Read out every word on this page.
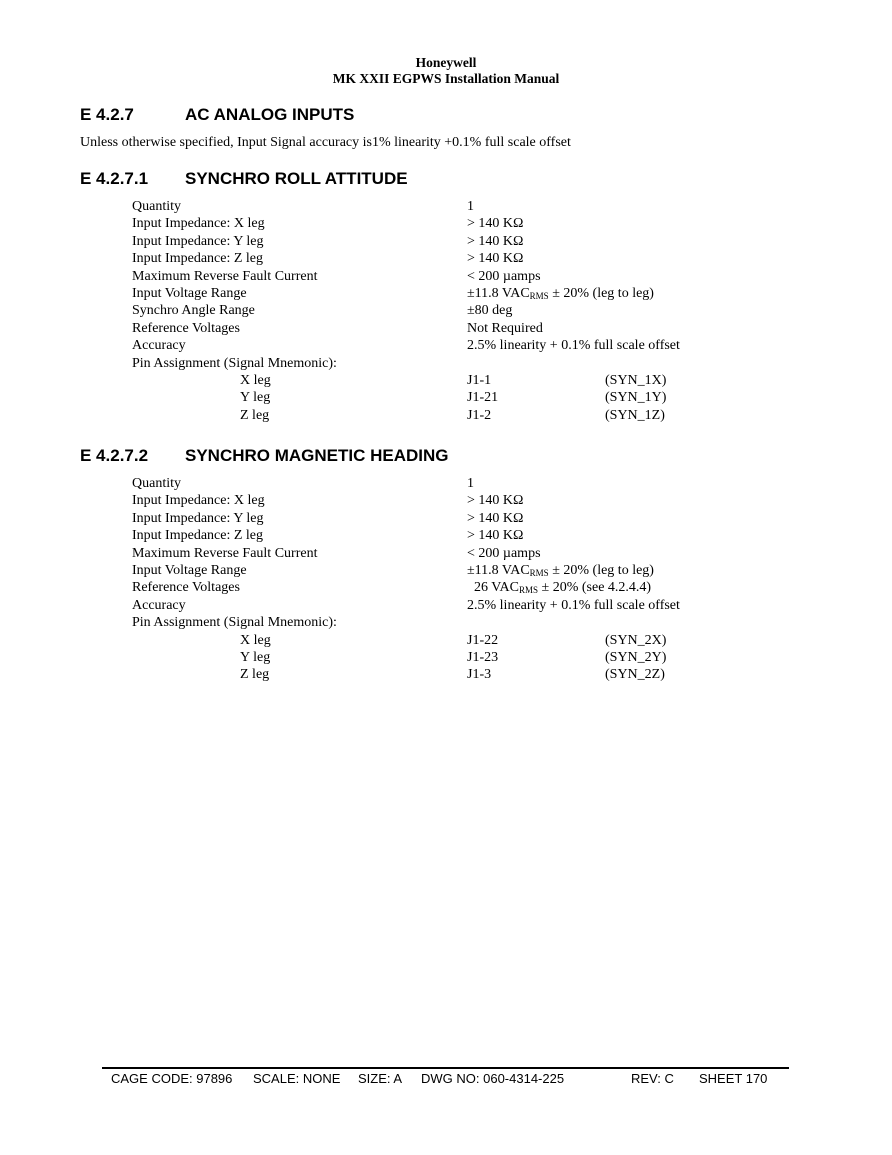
Honeywell
MK XXII EGPWS Installation Manual
E 4.2.7	AC ANALOG INPUTS
Unless otherwise specified, Input Signal accuracy is1% linearity +0.1% full scale offset
E 4.2.7.1 SYNCHRO ROLL ATTITUDE
Quantity	1
Input Impedance: X leg	> 140 KΩ
Input Impedance: Y leg	> 140 KΩ
Input Impedance: Z leg	> 140 KΩ
Maximum Reverse Fault Current	< 200 µamps
Input Voltage Range	±11.8 $VAC_{RMS} \pm 20\%$ (leg to leg)
Synchro Angle Range	±80 deg
Reference Voltages	Not Required
Accuracy	2.5% linearity + 0.1% full scale offset
Pin Assignment (Signal Mnemonic):
X leg	J1-1	(SYN_1X)
Y leg	J1-21	(SYN_1Y)
Z leg	J1-2	(SYN_1Z)
E 4.2.7.2 SYNCHRO MAGNETIC HEADING
Quantity	1
Input Impedance: X leg	> 140 KΩ
Input Impedance: Y leg	> 140 KΩ
Input Impedance: Z leg	> 140 KΩ
Maximum Reverse Fault Current	< 200 µamps
Input Voltage Range	±11.8 $VAC_{RMS} \pm 20\%$ (leg to leg)
Reference Voltages	26 $VAC_{RMS} \pm 20\%$ (see 4.2.4.4)
Accuracy	2.5% linearity + 0.1% full scale offset
Pin Assignment (Signal Mnemonic):
X leg	J1-22	(SYN_2X)
Y leg	J1-23	(SYN_2Y)
Z leg	J1-3	(SYN_2Z)
CAGE CODE: 97896 SCALE: NONE SIZE: A DWG NO: 060-4314-225	REV: C SHEET 170
